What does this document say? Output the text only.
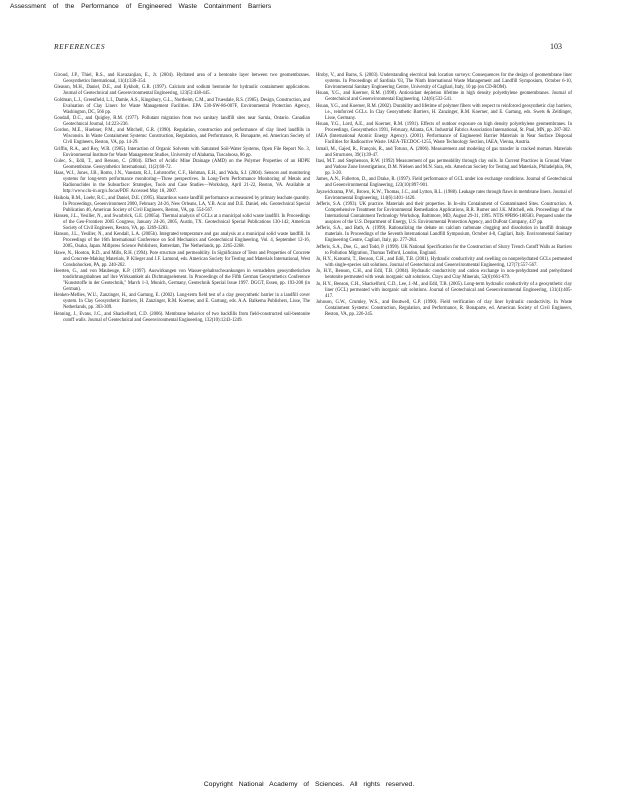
Assessment of the Performance of Engineered Waste Containment Barriers
REFERENCES	103

Giroud, J.P., Thiel, R.S., and Kavazanjian, E., Jr. (2004). Hydrated area of a bentonite layer between two geomembranes. Geosynthetics International, 11(4):330-354.

Gleason, M.H., Daniel, D.E., and Eykholt, G.R. (1997). Calcium and sodium bentonite for hydraulic containment applications. Journal of Geotechnical and Geoenvironmental Engineering, 123(5):438-445.

Goldman, L.J., Greenfield, L.I., Damle, A.S., Kingsbury, G.L., Northeim, C.M., and Truesdale, R.S. (1985). Design, Construction, and Evaluation of Clay Liners for Waste Management Facilities. EPA 530-SW-86-007F, Environmental Protection Agency, Washington, DC, 566 pp.

Goodall, D.C., and Quigley, R.M. (1977). Pollutant migration from two sanitary landfill sites near Sarnia, Ontario. Canadian Geotechnical Journal, 14:223-236.

Gordon, M.E., Huebner, P.M., and Mitchell, G.R. (1990). Regulation, construction and performance of clay lined landfills in Wisconsin. In Waste Containment Systems: Construction, Regulation, and Performance, R. Bonaparte, ed. American Society of Civil Engineers, Reston, VA, pp. 14-29.

Griffin, R.A., and Roy, W.R. (1985). Interaction of Organic Solvents with Saturated Soil-Water Systems, Open File Report No. 3, Environmental Institute for Waste Management Studies, University of Alabama, Tuscaloosa, 86 pp.

Gulec, S., Edil, T., and Benson, C. (2004). Effect of Acidic Mine Drainage (AMD) on the Polymer Properties of an HDPE Geomembrane. Geosynthetics International, 11(2):60-72.

Haas, W.J., Jones, J.B., Romo, J.N., Vanstam, R.J., Lohrstorfer, C.F., Hohman, E.H., and Wada, S.J. (2004). Sensors and monitoring systems for long-term performance monitoring—Three perspectives. In Long-Term Performance Monitoring of Metals and Radionuclides in the Subsurface: Strategies, Tools and Case Studies—Workshop, April 21-22, Reston, VA. Available at http://www.clu-in.org/s.focus/PDF. Accessed May 18, 2007.

Haikola, B.M., Loehr, R.C., and Daniel, D.E. (1995). Hazardous waste landfill performance as measured by primary leachate quantity. In Proceedings, Geoenvironment 2000, February 24-26, New Orleans, LA, Y.B. Acar and D.E. Daniel, eds. Geotechnical Special Publication 46, American Society of Civil Engineers, Reston, VA, pp. 554-567.

Hansen, J.L., Yesiller, N., and Swarbrick, G.E. (2005a). Thermal analysis of GCLs at a municipal solid waste landfill. In Proceedings of the Geo-Frontiers 2005 Congress, January 24-26, 2005, Austin, TX. Geotechnical Special Publications 130-142, American Society of Civil Engineers, Reston, VA, pp. 3269-3283.

Hanson, J.L., Yesiller, N., and Kendall, L.A. (2005b). Integrated temperature and gas analysis at a municipal solid waste landfill. In Proceedings of the 16th International Conference on Soil Mechanics and Geotechnical Engineering, Vol. 4, September 12-16, 2005, Osaka, Japan. Millpress Science Publishers, Rotterdam, The Netherlands, pp. 2265-2268.

Hawe, N., Hooton, R.D., and Mills, R.H. (1994). Pore structure and permeability. In Significance of Tests and Properties of Concrete and Concrete-Making Materials, P. Klieger and J.F. Lamond, eds. American Society for Testing and Materials International, West Conshohocken, PA, pp. 240-262.

Heerten, G., and von Maubeuge, K.P. (1997). Auswirkungen von Wasser-gehaltsschwankungen in vernadelten geosynthetischen tondichtungsbahnen auf ihre Wirksamkeit als Dichtungselement. In Proceedings of the Fifth German Geosynthetics Conference "Kunststoffe in der Geotechnik," March 1-3, Munich, Germany, Geotechnik Special Issue 1997. DGGT, Essen, pp. 193-200 (in German).

Henken-Mellies, W.U., Zanzinger, H., and Gartung, E. (2002). Long-term field test of a clay geosynthetic barrier in a landfill cover system. In Clay Geosynthetic Barriers, H. Zanzinger, R.M. Koerner, and E. Gartung, eds. A.A. Balkema Publishers, Lisse, The Netherlands, pp. 303-309.

Henning, J., Evans, J.C., and Shackelford, C.D. (2006). Membrane behavior of two backfills from field-constructed soil-bentonite cutoff walls. Journal of Geotechnical and Geoenvironmental Engineering, 132(10):1243-1249.

Hroby, V., and Barns, S. (2003). Understanding electrical leak location surveys: Consequences for the design of geomembrane liner systems. In Proceedings of Sardinia '03, The Ninth International Waste Management and Landfill Symposium, October 6-10, Environmental Sanitary Engineering Centre, University of Cagliari, Italy, 10 pp (on CD-ROM).

Hsuan, Y.G., and Koerner, R.M. (1998). Antioxidant depletion lifetime in high density polyethylene geomembranes. Journal of Geotechnical and Geoenvironmental Engineering, 124(6):532-541.

Hsuan, Y.G., and Koerner, R.M. (2002). Durability and lifetime of polymer fibers with respect to reinforced geosynthetic clay barriers, i.e., reinforced GCLs. In Clay Geosynthetic Barriers, H. Zanzinger, R.M. Koerner, and E. Gartung, eds. Swets & Zeitlinger, Lisse, Germany.

Hsuan, Y.G., Lord, A.E., and Koerner, R.M. (1991). Effects of outdoor exposure on high density polyethylene geomembranes. In Proceedings, Geosynthetics 1991, February, Atlanta, GA. Industrial Fabrics Association International, St. Paul, MN, pp. 287-302.

IAEA (International Atomic Energy Agency). (2001). Performance of Engineered Barrier Materials in Near Surface Disposal Facilities for Radioactive Waste. IAEA-TECDOC-1255, Waste Technology Section, IAEA, Vienna, Austria.

Ismail, M., Gajed, R., François, R., and Totunx, A. (2006). Measurement and modeling of gas transfer in cracked mortars. Materials and Structures, 39(1):39-47.

Itasi, M.T. and Stephenson, R.W. (1992) Measurement of gas permeability through clay soils. In Current Practices in Ground Water and Vadose Zone Investigations, D.M. Nielsen and M.N. Sara, eds. American Society for Testing and Materials, Philadelphia, PA, pp. 3-20.

James, A.N., Fullerton, D., and Drake, R. (1997). Field performance of GCL under ion exchange conditions. Journal of Geotechnical and Geoenvironmental Engineering, 123(10):897-901.

Jayawickrama, P.W., Brown, K.W., Thomas, J.C., and Lytton, R.L. (1988). Leakage rates through flaws in membrane liners. Journal of Environmental Engineering, 114(6):1401-1420.

Jefferis, S.A. (1993). UK practice. Materials and their properties. In In-situ Containment of Contaminated Sites. Construction. A Comprehensive Treatment for Environmental Remediation Applications, R.R. Rumer and J.K. Mitchell, eds. Proceedings of the International Containment Technology Workshop, Baltimore, MD, August 29-31, 1995. NTIS #PB96-180583. Prepared under the auspices of the U.S. Department of Energy, U.S. Environmental Protection Agency, and DuPont Company, 437 pp.

Jefferis, S.A., and Bath, A. (1999). Rationalizing the debate on calcium carbonate clogging and dissolution in landfill drainage materials. In Proceedings of the Seventh International Landfill Symposium, October 4-8, Cagliari, Italy. Environmental Sanitary Engineering Centre, Cagliari, Italy, pp. 277-284.

Jefferis, S.A., Doe, G., and Todd, P. (1999). UK National Specification for the Construction of Slurry Trench Cutoff Walls as Barriers to Pollution Migration, Thomas Telford, London, England.

Jo, H.Y., Katsumi, T., Benson, C.H., and Edil, T.B. (2001). Hydraulic conductivity and swelling on nonprehydrated GCLs permeated with single-species salt solutions. Journal of Geotechnical and Geoenvironmental Engineering, 127(7):557-567.

Jo, H.Y., Benson, C.H., and Edil, T.B. (2004). Hydraulic conductivity and cation exchange in non-prehydrated and prehydrated bentonite permeated with weak inorganic salt solutions. Clays and Clay Minerals, 52(6):661-679.

Jo, H.Y., Benson, C.H., Shackelford, C.D., Lee, J.-M., and Edil, T.B. (2005). Long-term hydraulic conductivity of a geosynthetic clay liner (GCL) permeated with inorganic salt solutions. Journal of Geotechnical and Geoenvironmental Engineering, 131(4):405-417.

Johnson, G.W., Crumley, W.S., and Boutwell, G.P. (1990). Field verification of clay liner hydraulic conductivity. In Waste Containment Systems: Construction, Regulation, and Performance, R. Bonaparte, ed. American Society of Civil Engineers, Reston, VA, pp. 226-245.

Copyright National Academy of Sciences. All rights reserved.
